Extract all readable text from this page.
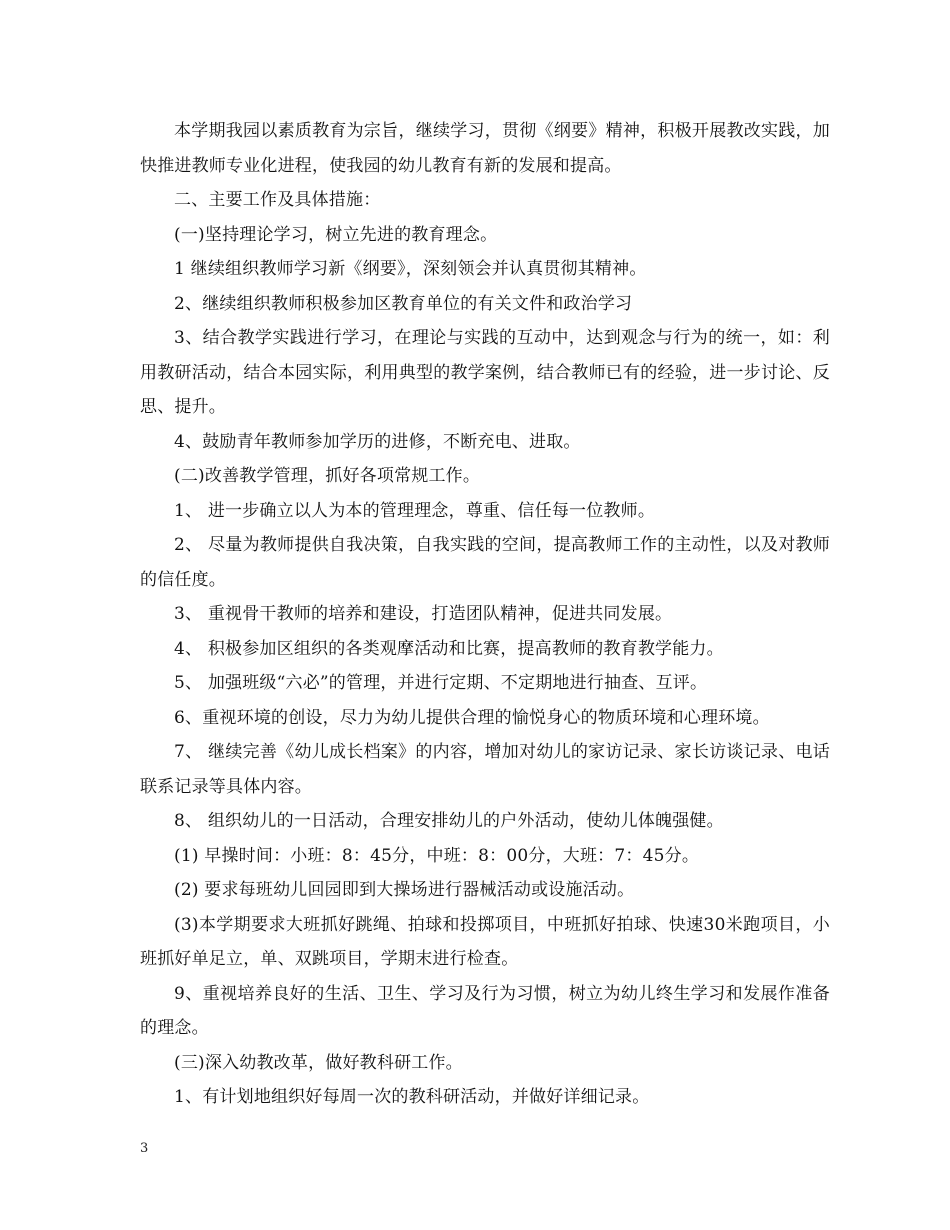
本学期我园以素质教育为宗旨，继续学习，贯彻《纲要》精神，积极开展教改实践，加快推进教师专业化进程，使我园的幼儿教育有新的发展和提高。

二、主要工作及具体措施：

(一)坚持理论学习，树立先进的教育理念。

1 继续组织教师学习新《纲要》，深刻领会并认真贯彻其精神。

2、继续组织教师积极参加区教育单位的有关文件和政治学习

3、结合教学实践进行学习，在理论与实践的互动中，达到观念与行为的统一，如：利用教研活动，结合本园实际，利用典型的教学案例，结合教师已有的经验，进一步讨论、反思、提升。

4、鼓励青年教师参加学历的进修，不断充电、进取。

(二)改善教学管理，抓好各项常规工作。

1、 进一步确立以人为本的管理理念，尊重、信任每一位教师。

2、 尽量为教师提供自我决策，自我实践的空间，提高教师工作的主动性，以及对教师的信任度。

3、 重视骨干教师的培养和建设，打造团队精神，促进共同发展。

4、 积极参加区组织的各类观摩活动和比赛，提高教师的教育教学能力。

5、 加强班级“六必”的管理，并进行定期、不定期地进行抽查、互评。

6、重视环境的创设，尽力为幼儿提供合理的愉悦身心的物质环境和心理环境。

7、 继续完善《幼儿成长档案》的内容，增加对幼儿的家访记录、家长访谈记录、电话联系记录等具体内容。

8、 组织幼儿的一日活动，合理安排幼儿的户外活动，使幼儿体魄强健。

(1) 早操时间：小班：8：45分，中班：8：00分，大班：7：45分。

(2) 要求每班幼儿回园即到大操场进行器械活动或设施活动。

(3)本学期要求大班抓好跳绳、拍球和投掷项目，中班抓好拍球、快速30米跑项目，小班抓好单足立，单、双跳项目，学期末进行检查。

9、重视培养良好的生活、卫生、学习及行为习惯，树立为幼儿终生学习和发展作准备的理念。

(三)深入幼教改革，做好教科研工作。

1、有计划地组织好每周一次的教科研活动，并做好详细记录。

3
